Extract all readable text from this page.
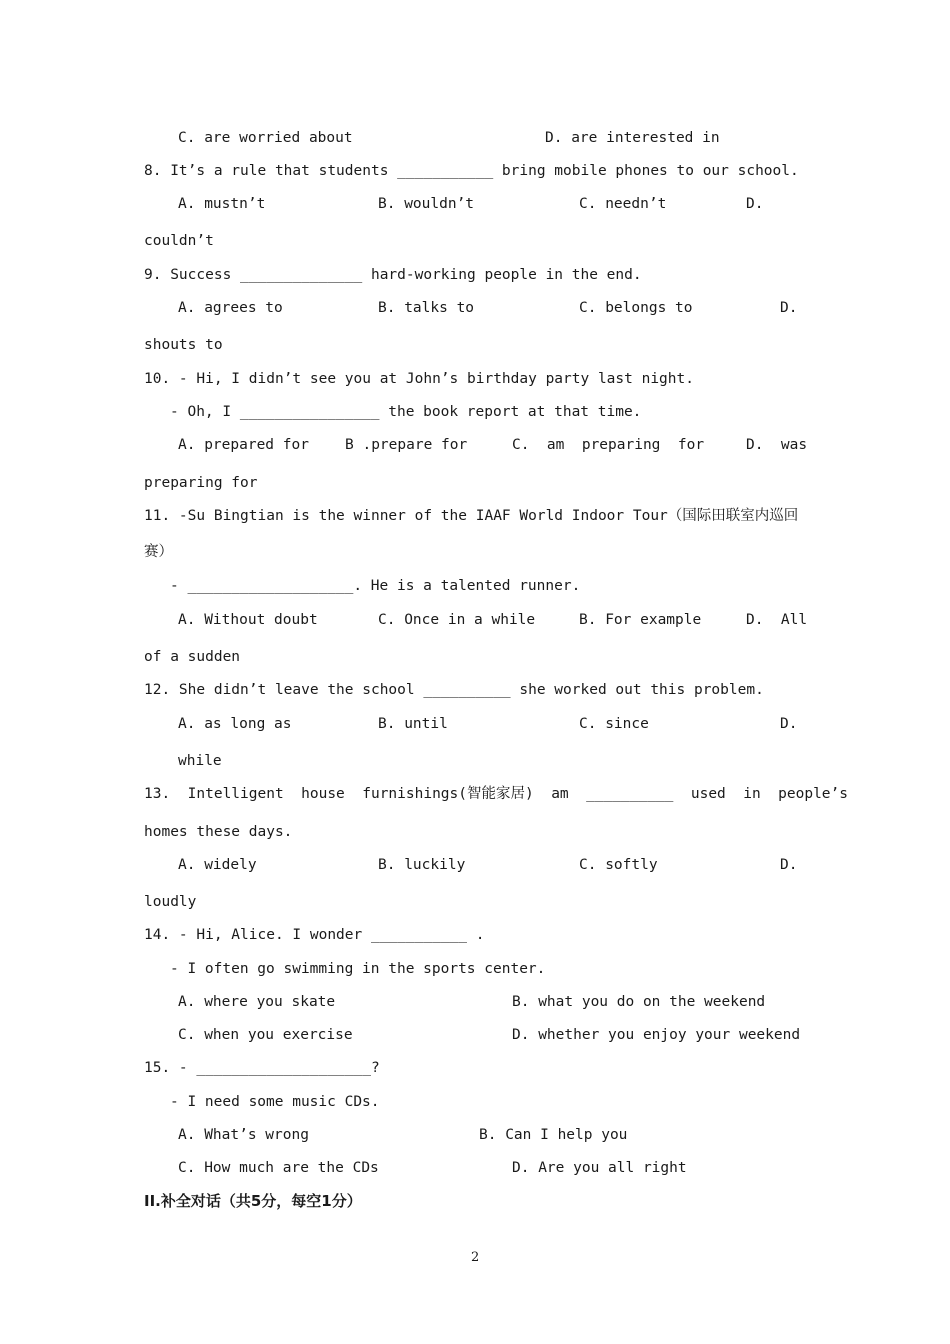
C. are worried about	D. are interested in
8. It’s a rule that students ___________ bring mobile phones to our school.
A. mustn’t	B. wouldn’t	C. needn’t	D.
couldn’t
9. Success ______________ hard-working people in the end.
A. agrees to	B. talks to	C. belongs to	D.
shouts to
10. - Hi, I didn’t see you at John’s birthday party last night.
- Oh, I ________________ the book report at that time.
A. prepared for B .prepare for	C.  am  preparing  for	D.  was
preparing for
11. -Su Bingtian is the winner of the IAAF World Indoor Tour（国际田联室内巡回
赛）
- ___________________. He is a talented runner.
A. Without doubt	C. Once in a while	B. For example	D.  All
of a sudden
12. She didn’t leave the school __________ she worked out this problem.
A. as long as	B. until	C. since	D.
while
13.  Intelligent  house  furnishings(智能家居)  am  __________  used  in  people’s
homes these days.
A. widely	B. luckily	C. softly	D.
loudly
14. - Hi, Alice. I wonder ___________ .
- I often go swimming in the sports center.
A. where you skate	B. what you do on the weekend
C. when you exercise	D. whether you enjoy your weekend
15. - ____________________?
- I need some music CDs.
A. What’s wrong	B. Can I help you
C. How much are the CDs	D. Are you all right
II.补全对话（共5分，每空1分）
2
